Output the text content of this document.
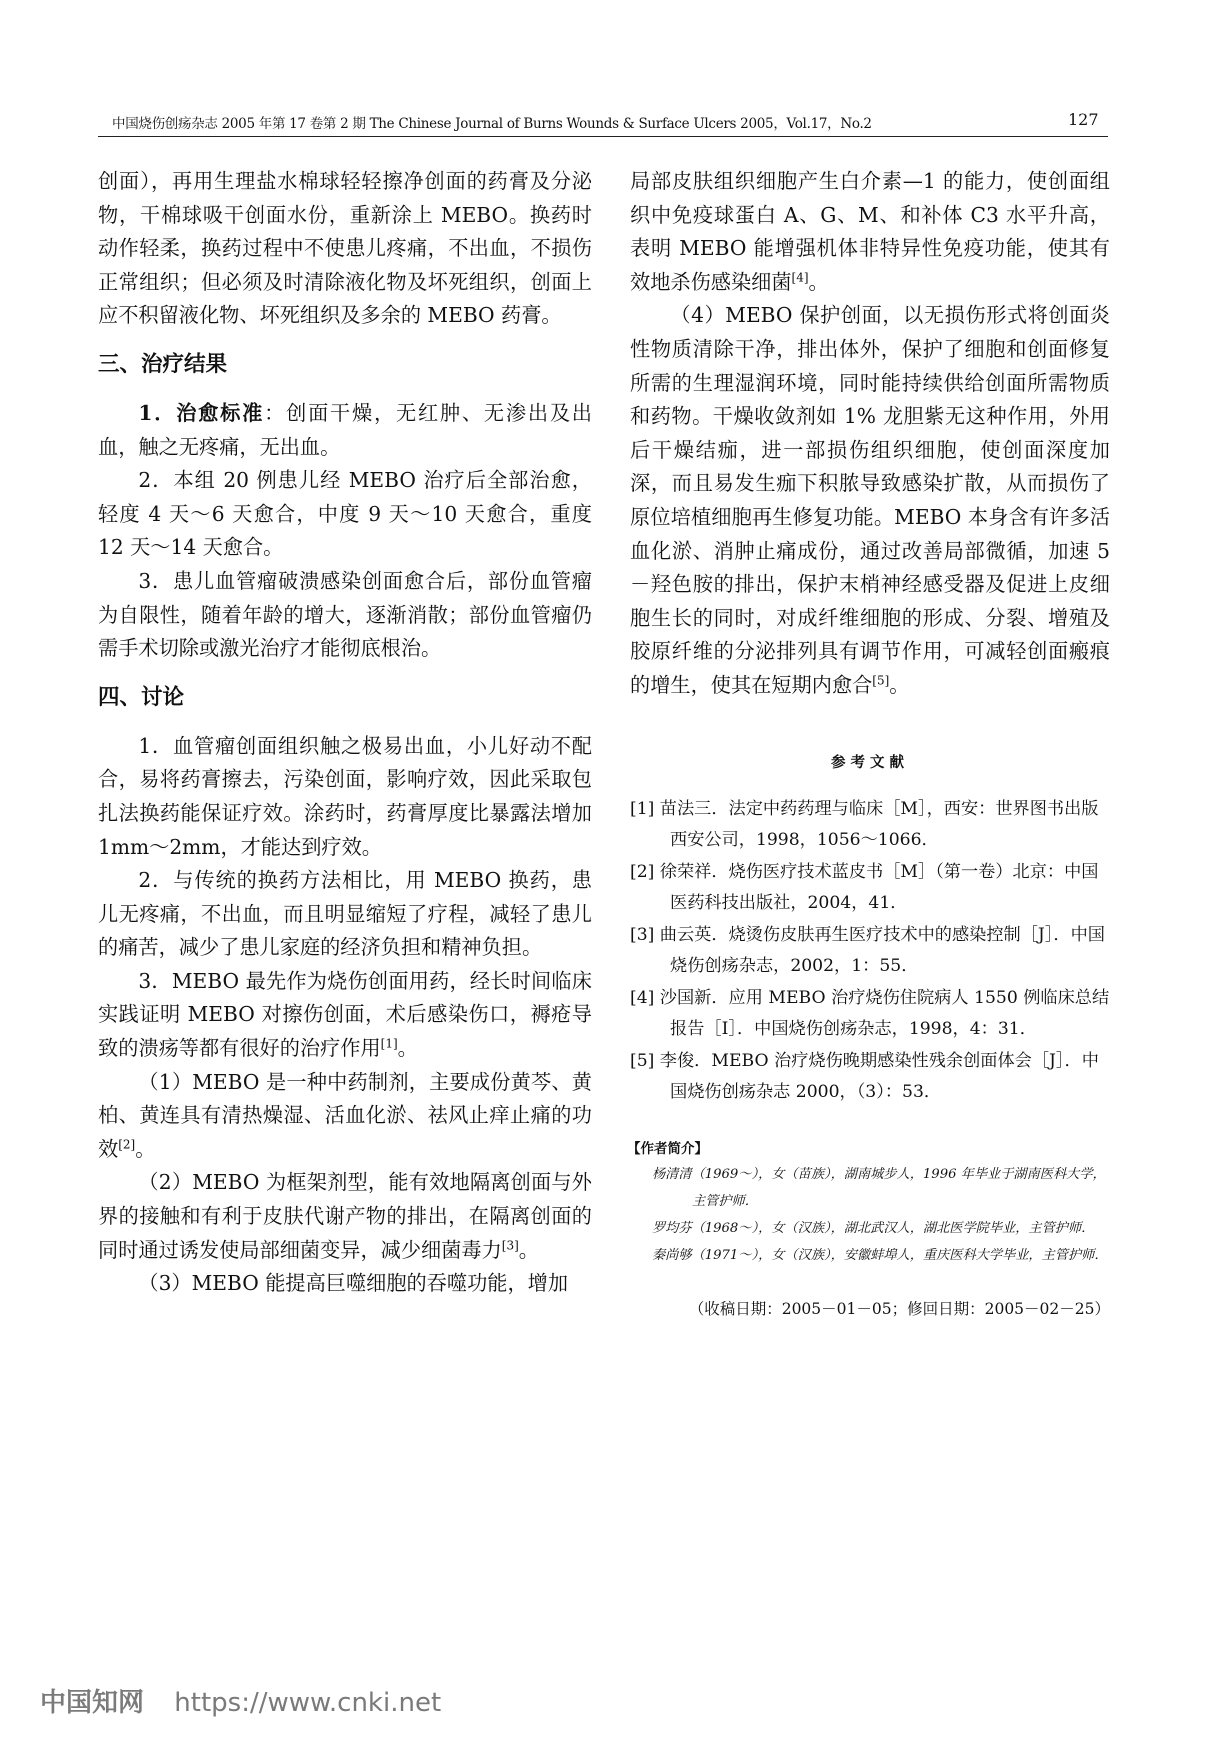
中国烧伤创疡杂志 2005 年第 17 卷第 2 期 The Chinese Journal of Burns Wounds & Surface Ulcers 2005，Vol.17，No.2	127

创面），再用生理盐水棉球轻轻擦净创面的药膏及分泌物，干棉球吸干创面水份，重新涂上 MEBO。换药时动作轻柔，换药过程中不使患儿疼痛，不出血，不损伤正常组织；但必须及时清除液化物及坏死组织，创面上应不积留液化物、坏死组织及多余的 MEBO 药膏。

三、治疗结果

1．治愈标准：创面干燥，无红肿、无渗出及出血，触之无疼痛，无出血。

2．本组 20 例患儿经 MEBO 治疗后全部治愈，轻度 4 天～6 天愈合，中度 9 天～10 天愈合，重度 12 天～14 天愈合。

3．患儿血管瘤破溃感染创面愈合后，部份血管瘤为自限性，随着年龄的增大，逐渐消散；部份血管瘤仍需手术切除或激光治疗才能彻底根治。

四、讨论

1．血管瘤创面组织触之极易出血，小儿好动不配合，易将药膏擦去，污染创面，影响疗效，因此采取包扎法换药能保证疗效。涂药时，药膏厚度比暴露法增加 1mm～2mm，才能达到疗效。

2．与传统的换药方法相比，用 MEBO 换药，患儿无疼痛，不出血，而且明显缩短了疗程，减轻了患儿的痛苦，减少了患儿家庭的经济负担和精神负担。

3．MEBO 最先作为烧伤创面用药，经长时间临床实践证明 MEBO 对擦伤创面，术后感染伤口，褥疮导致的溃疡等都有很好的治疗作用[1]。

（1）MEBO 是一种中药制剂，主要成份黄芩、黄柏、黄连具有清热燥湿、活血化淤、祛风止痒止痛的功效[2]。

（2）MEBO 为框架剂型，能有效地隔离创面与外界的接触和有利于皮肤代谢产物的排出，在隔离创面的同时通过诱发使局部细菌变异，减少细菌毒力[3]。

（3）MEBO 能提高巨噬细胞的吞噬功能，增加

局部皮肤组织细胞产生白介素—1 的能力，使创面组织中免疫球蛋白 A、G、M、和补体 C3 水平升高，表明 MEBO 能增强机体非特异性免疫功能，使其有效地杀伤感染细菌[4]。

（4）MEBO 保护创面，以无损伤形式将创面炎性物质清除干净，排出体外，保护了细胞和创面修复所需的生理湿润环境，同时能持续供给创面所需物质和药物。干燥收敛剂如 1% 龙胆紫无这种作用，外用后干燥结痂，进一部损伤组织细胞，使创面深度加深，而且易发生痂下积脓导致感染扩散，从而损伤了原位培植细胞再生修复功能。MEBO 本身含有许多活血化淤、消肿止痛成份，通过改善局部微循，加速 5－羟色胺的排出，保护末梢神经感受器及促进上皮细胞生长的同时，对成纤维细胞的形成、分裂、增殖及胶原纤维的分泌排列具有调节作用，可减轻创面瘢痕的增生，使其在短期内愈合[5]。

参考文献

[1] 苗法三．法定中药药理与临床［M］，西安：世界图书出版西安公司，1998，1056～1066．

[2] 徐荣祥．烧伤医疗技术蓝皮书［M］（第一卷）北京：中国医药科技出版社，2004，41．

[3] 曲云英．烧烫伤皮肤再生医疗技术中的感染控制［J］．中国烧伤创疡杂志，2002，1：55．

[4] 沙国新．应用 MEBO 治疗烧伤住院病人 1550 例临床总结报告［I］．中国烧伤创疡杂志，1998，4：31．

[5] 李俊．MEBO 治疗烧伤晚期感染性残余创面体会［J］．中国烧伤创疡杂志 2000，（3）：53．

【作者简介】

杨清清（1969～），女（苗族），湖南城步人，1996 年毕业于湖南医科大学，主管护师．

罗均芬（1968～），女（汉族），湖北武汉人，湖北医学院毕业，主管护师．

秦尚够（1971～），女（汉族），安徽蚌埠人，重庆医科大学毕业，主管护师．

（收稿日期：2005－01－05；修回日期：2005－02－25）

中国知网 https://www.cnki.net
